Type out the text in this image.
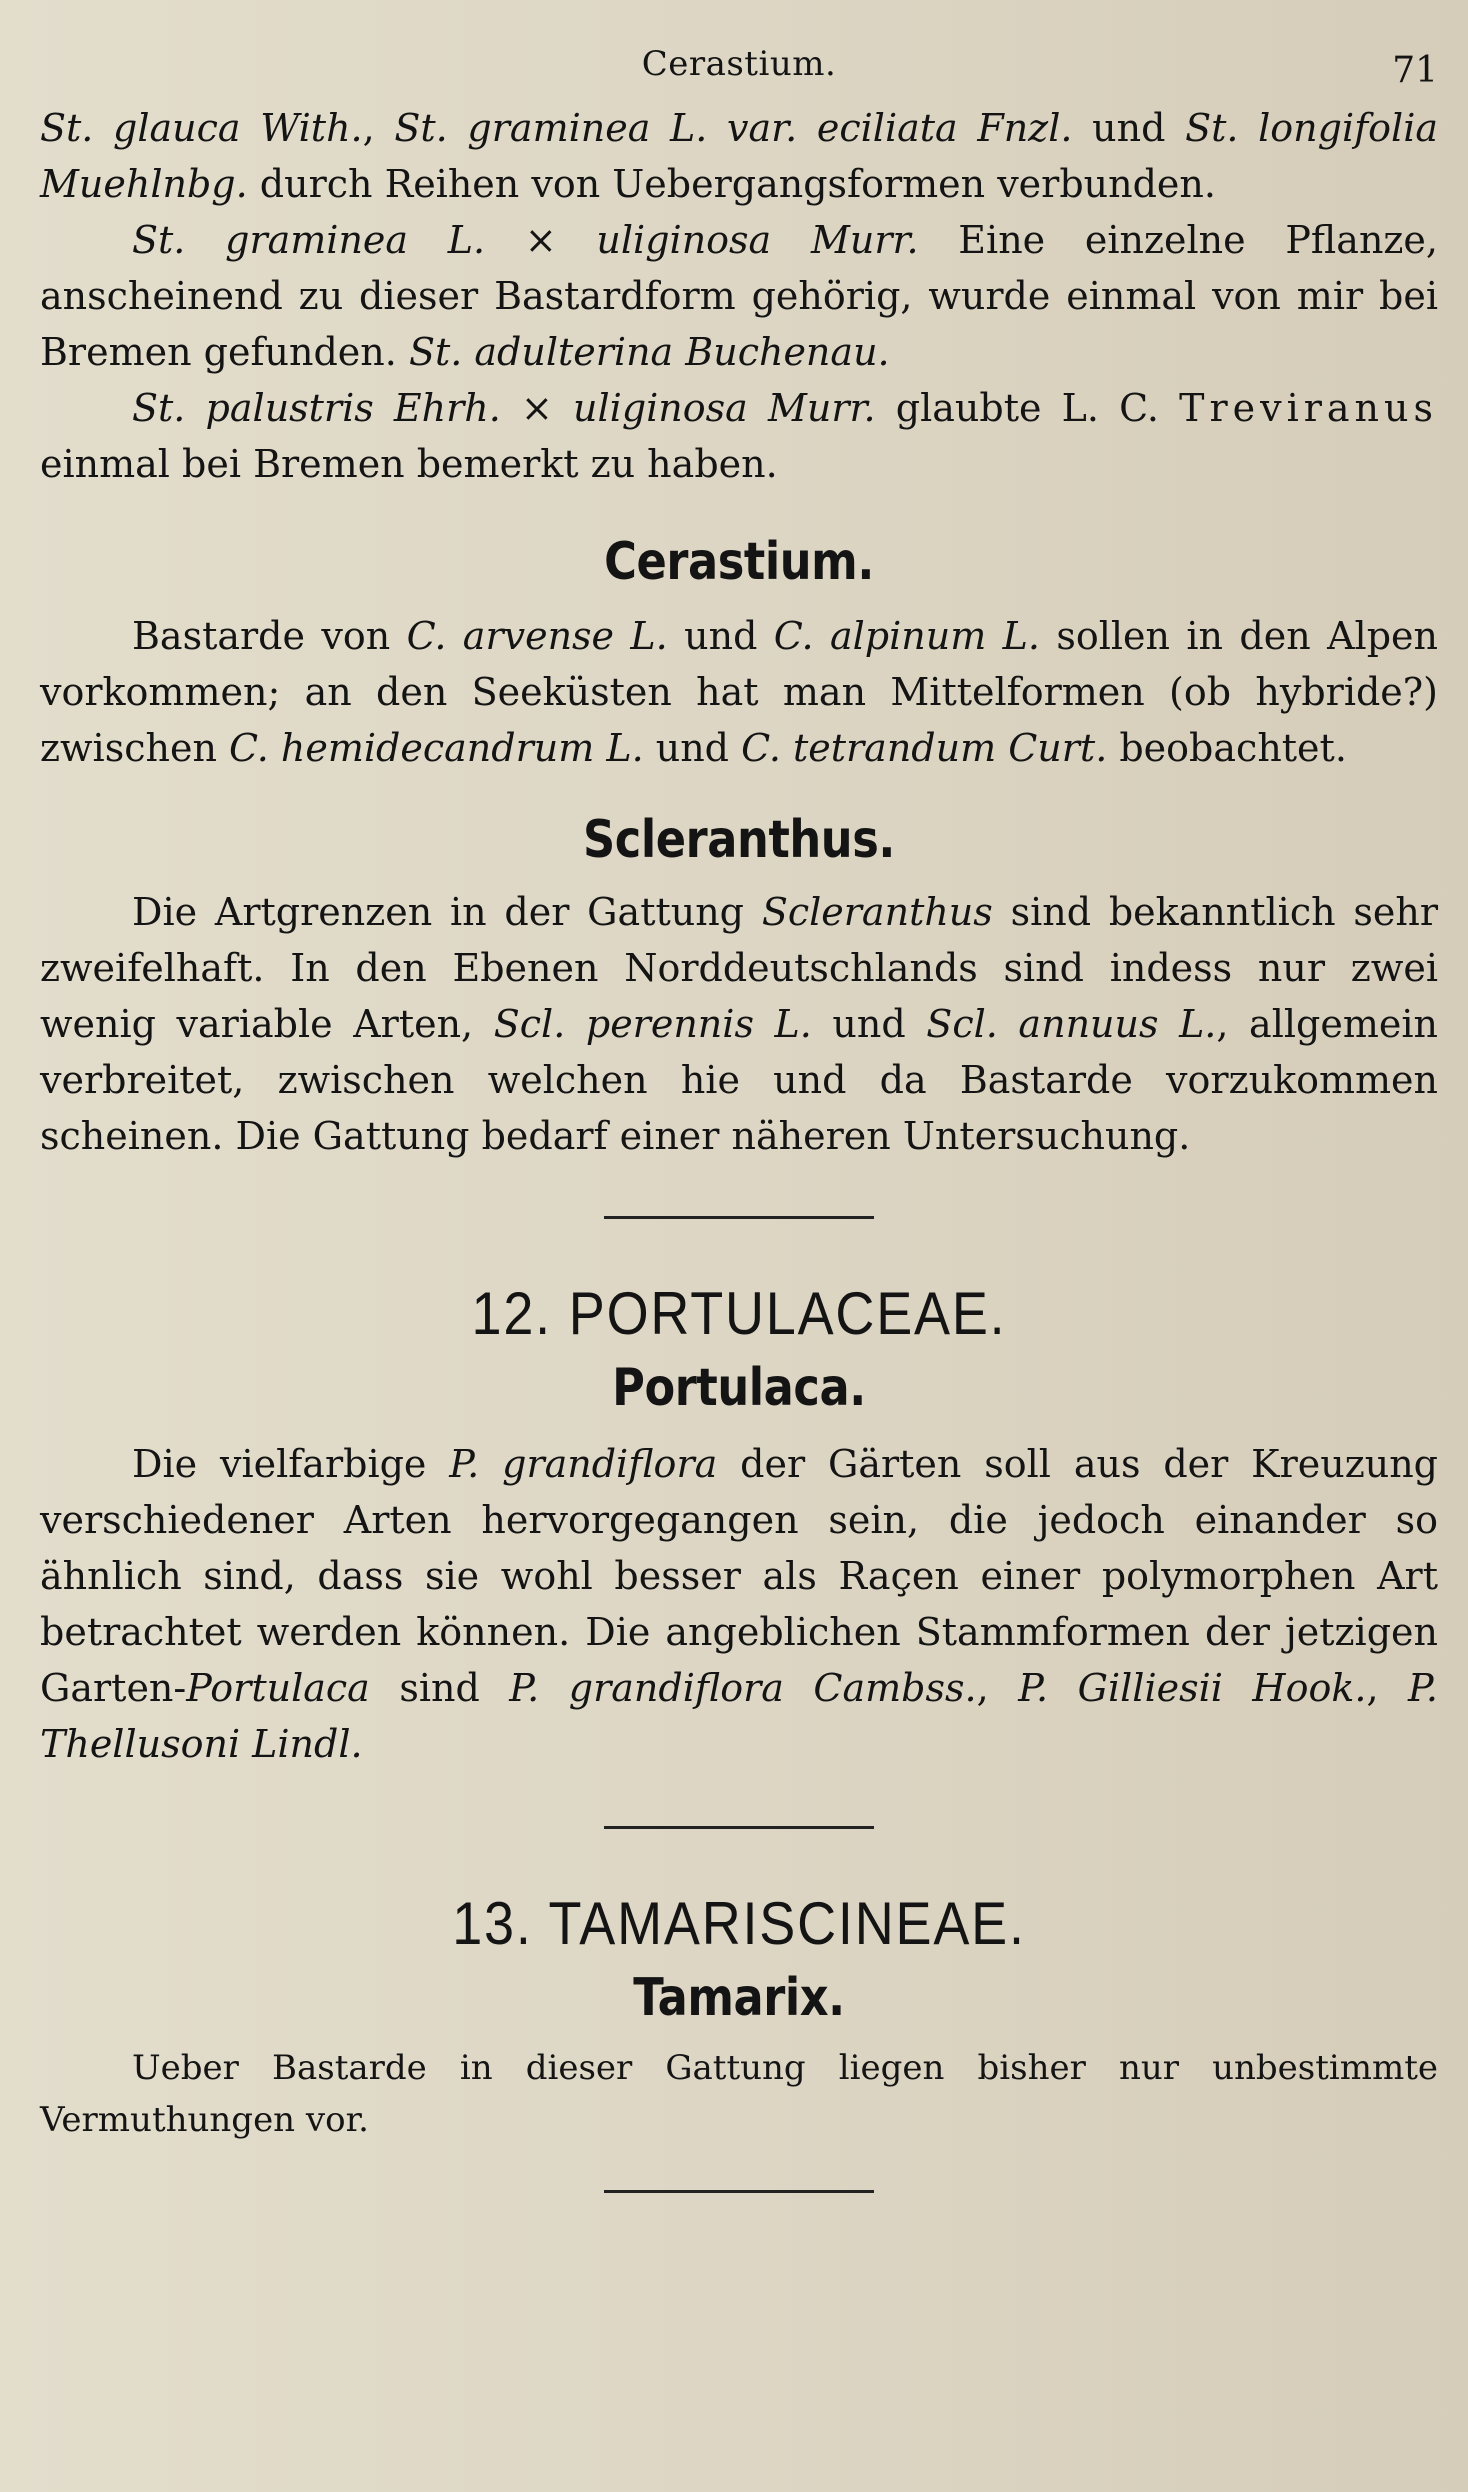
Cerastium.	71

St. glauca With., St. graminea L. var. eciliata Fnzl. und St. longifolia Muehlnbg. durch Reihen von Uebergangsformen verbunden.

St. graminea L. × uliginosa Murr. Eine einzelne Pflanze, anscheinend zu dieser Bastardform gehörig, wurde einmal von mir bei Bremen gefunden. St. adulterina Buchenau.

St. palustris Ehrh. × uliginosa Murr. glaubte L. C. Treviranus einmal bei Bremen bemerkt zu haben.

Cerastium.

Bastarde von C. arvense L. und C. alpinum L. sollen in den Alpen vorkommen; an den Seeküsten hat man Mittelformen (ob hybride?) zwischen C. hemidecandrum L. und C. tetrandum Curt. beobachtet.

Scleranthus.

Die Artgrenzen in der Gattung Scleranthus sind bekanntlich sehr zweifelhaft. In den Ebenen Norddeutschlands sind indess nur zwei wenig variable Arten, Scl. perennis L. und Scl. annuus L., allgemein verbreitet, zwischen welchen hie und da Bastarde vorzukommen scheinen. Die Gattung bedarf einer näheren Untersuchung.

12. PORTULACEAE.
Portulaca.

Die vielfarbige P. grandiflora der Gärten soll aus der Kreuzung verschiedener Arten hervorgegangen sein, die jedoch einander so ähnlich sind, dass sie wohl besser als Raçen einer polymorphen Art betrachtet werden können. Die angeblichen Stammformen der jetzigen Garten-Portulaca sind P. grandiflora Cambss., P. Gilliesii Hook., P. Thellusoni Lindl.

13. TAMARISCINEAE.
Tamarix.

Ueber Bastarde in dieser Gattung liegen bisher nur unbestimmte Vermuthungen vor.
